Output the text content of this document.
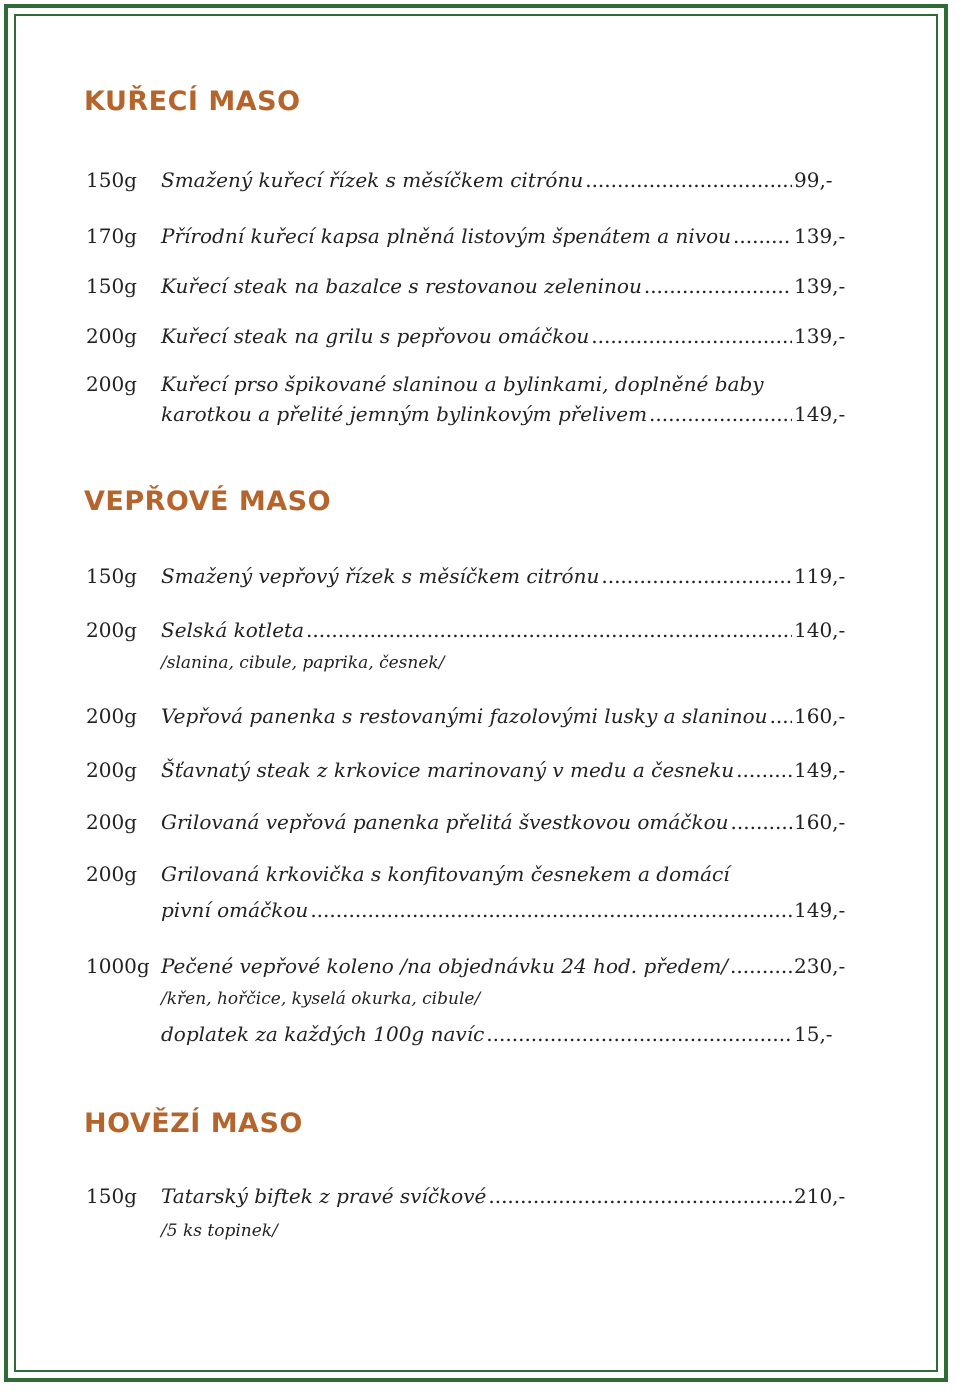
KUŘECÍ MASO
150g	Smažený kuřecí řízek s měsíčkem citrónu .....	99,-
170g	Přírodní kuřecí kapsa plněná listovým špenátem a nivou .....	139,-
150g	Kuřecí steak na bazalce s restovanou zeleninou .....	139,-
200g	Kuřecí steak na grilu s pepřovou omáčkou .....	139,-
200g	Kuřecí prso špikované slaninou a bylinkami, doplněné baby
karotkou a přelité jemným bylinkovým přelivem .....	149,-
VEPŘOVÉ MASO
150g	Smažený vepřový řízek s měsíčkem citrónu .....	119,-
200g	Selská kotleta .....	140,-
/slanina, cibule, paprika, česnek/
200g	Vepřová panenka s restovanými fazolovými lusky a slaninou ..... 160,-
200g	Šťavnatý steak z krkovice marinovaný v medu a česneku .....	149,-
200g	Grilovaná vepřová panenka přelitá švestkovou omáčkou .....	160,-
200g	Grilovaná krkovička s konfitovaným česnekem a domácí
pivní omáčkou .....	149,-
1000g Pečené vepřové koleno /na objednávku 24 hod. předem/ .....	230,-
/křen, hořčice, kyselá okurka, cibule/
doplatek za každých 100g navíc .....	15,-
HOVĚZÍ MASO
150g	Tatarský biftek z pravé svíčkové .....	210,-
/5 ks topinek/
